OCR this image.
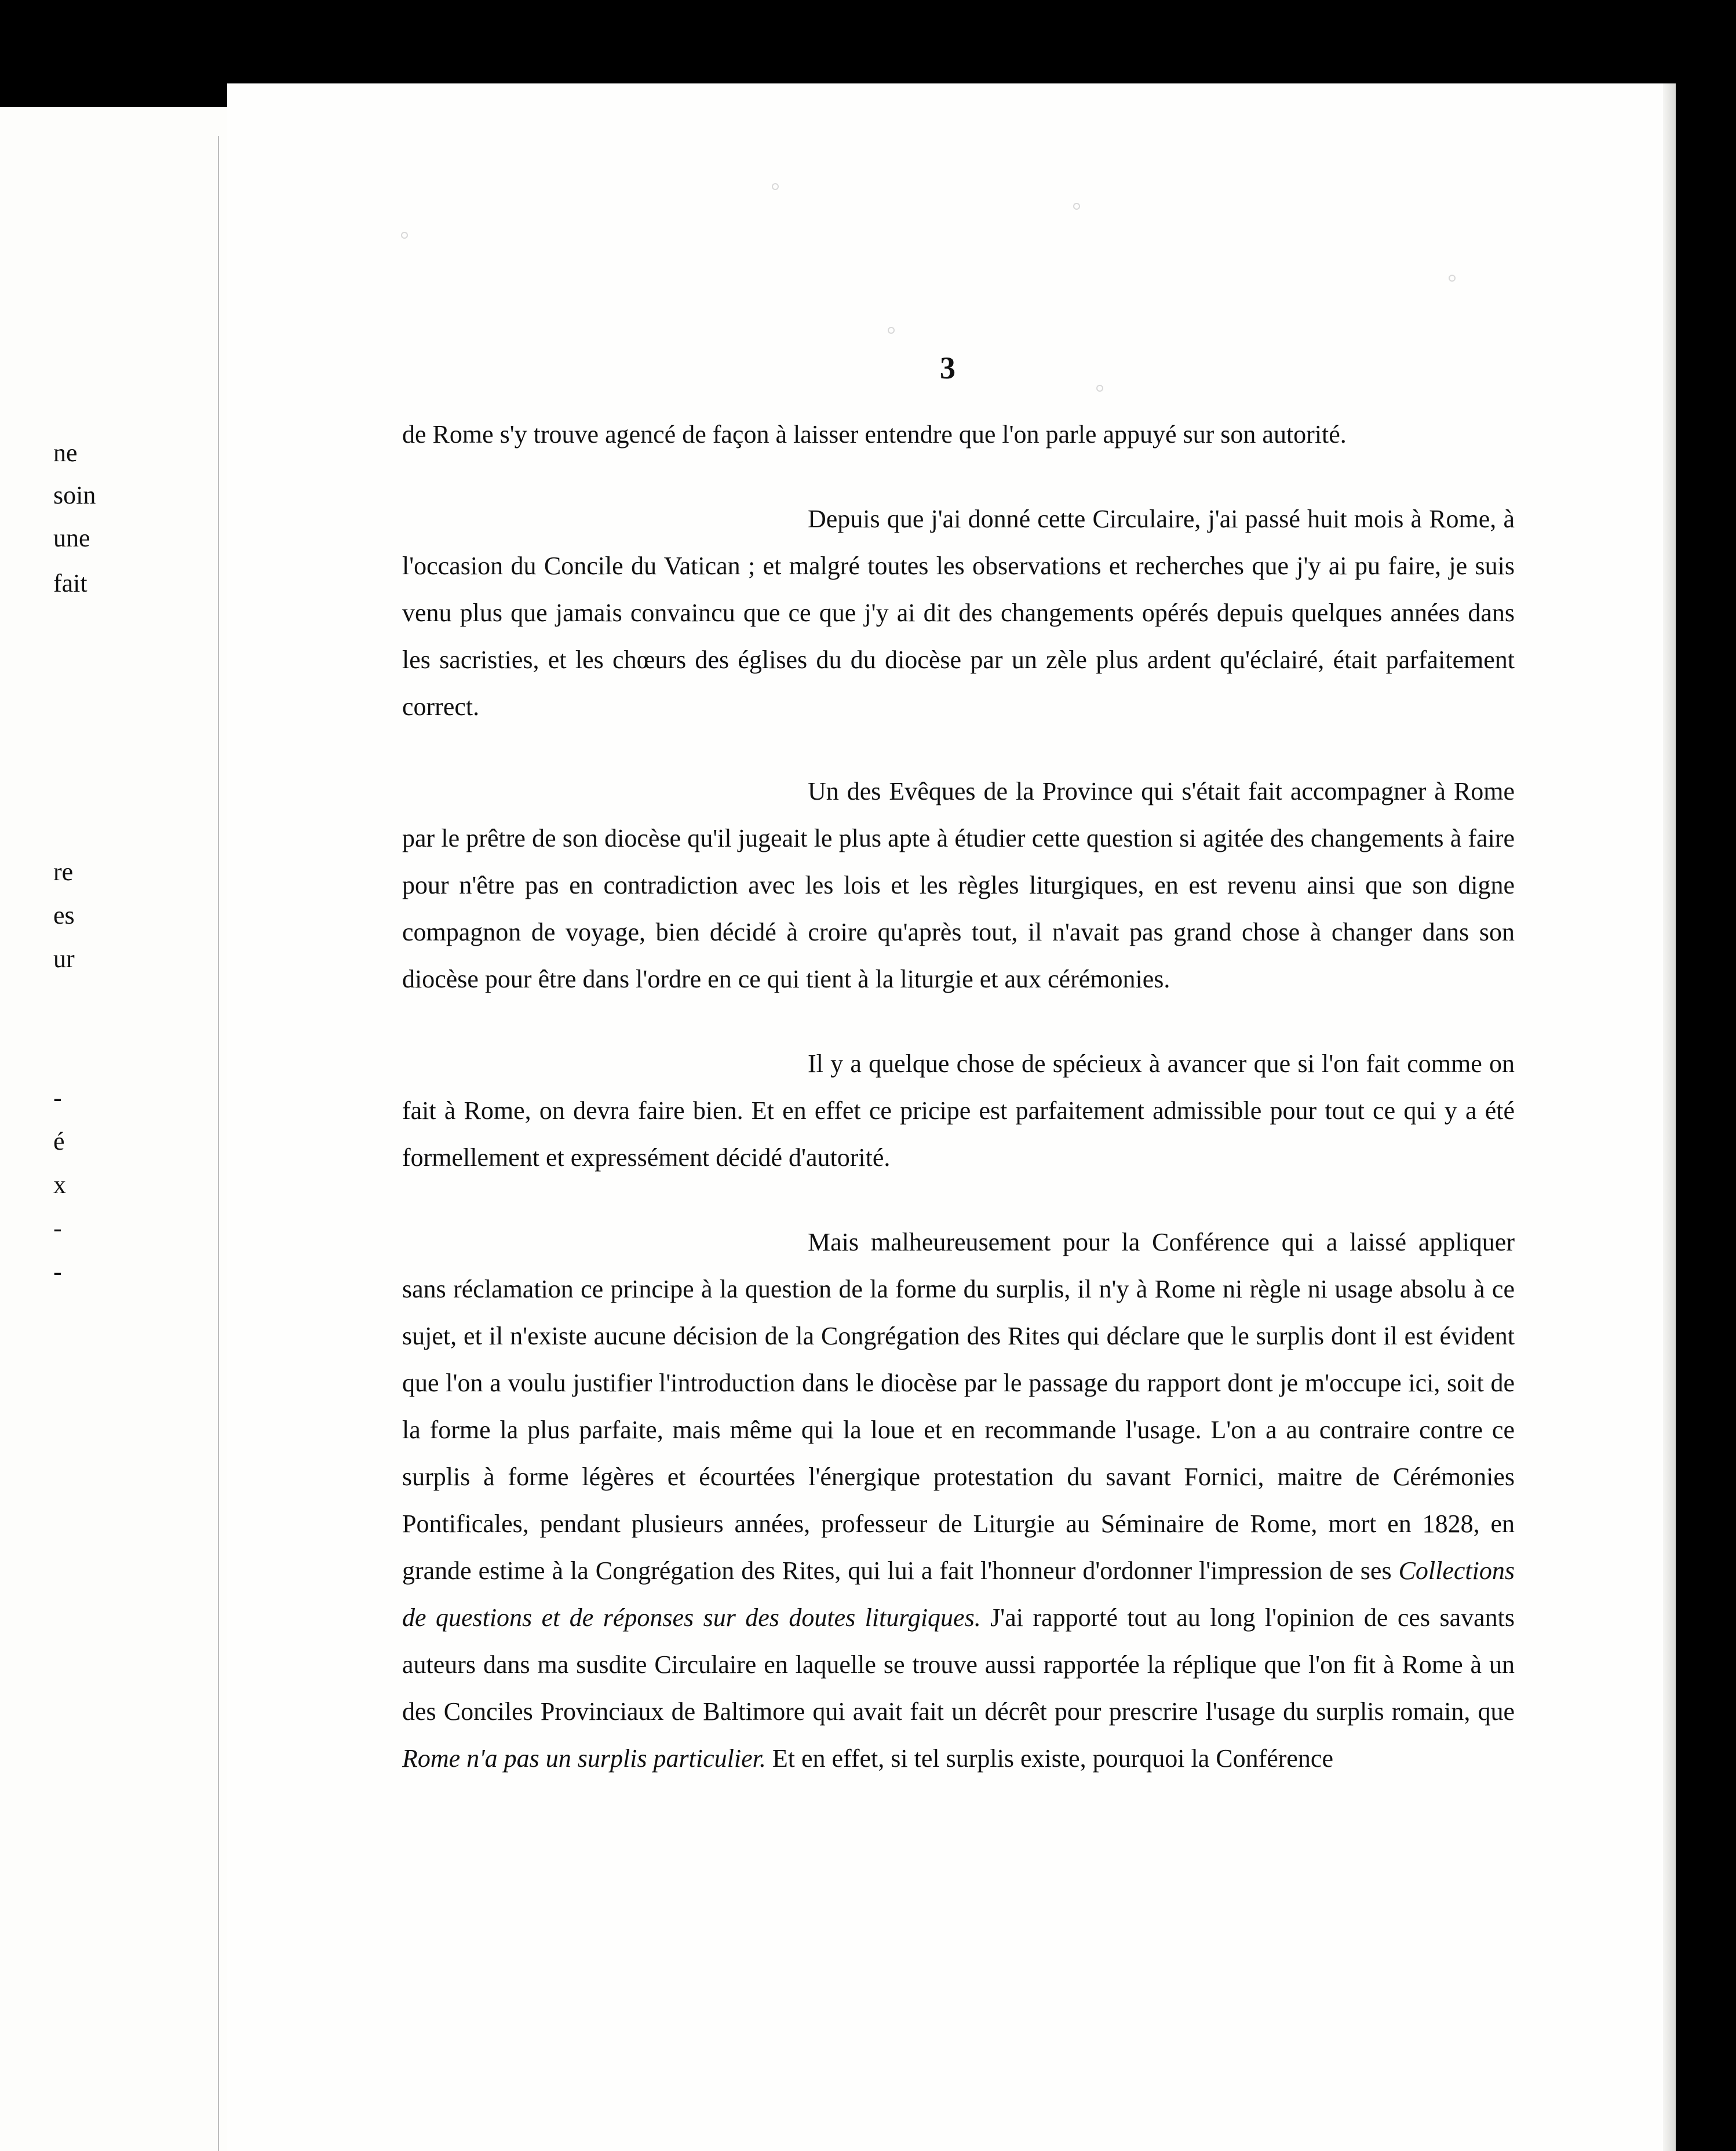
ne
soin
une
fait
re
es
ur
-
é
x
-
-
3

de Rome s'y trouve agencé de façon à laisser entendre que l'on parle appuyé sur son autorité.

Depuis que j'ai donné cette Circulaire, j'ai passé huit mois à Rome, à l'occasion du Concile du Vatican ; et malgré toutes les observations et recherches que j'y ai pu faire, je suis venu plus que jamais convaincu que ce que j'y ai dit des changements opérés depuis quelques années dans les sacristies, et les chœurs des églises du du diocèse par un zèle plus ardent qu'éclairé, était parfaitement correct.

Un des Evêques de la Province qui s'était fait accompagner à Rome par le prêtre de son diocèse qu'il jugeait le plus apte à étudier cette question si agitée des changements à faire pour n'être pas en contradiction avec les lois et les règles liturgiques, en est revenu ainsi que son digne compagnon de voyage, bien décidé à croire qu'après tout, il n'avait pas grand chose à changer dans son diocèse pour être dans l'ordre en ce qui tient à la liturgie et aux cérémonies.

Il y a quelque chose de spécieux à avancer que si l'on fait comme on fait à Rome, on devra faire bien. Et en effet ce pricipe est parfaitement admissible pour tout ce qui y a été formellement et expressément décidé d'autorité.

Mais malheureusement pour la Conférence qui a laissé appliquer sans réclamation ce principe à la question de la forme du surplis, il n'y à Rome ni règle ni usage absolu à ce sujet, et il n'existe aucune décision de la Congrégation des Rites qui déclare que le surplis dont il est évident que l'on a voulu justifier l'introduction dans le diocèse par le passage du rapport dont je m'occupe ici, soit de la forme la plus parfaite, mais même qui la loue et en recommande l'usage. L'on a au contraire contre ce surplis à forme légères et écourtées l'énergique protestation du savant Fornici, maitre de Cérémonies Pontificales, pendant plusieurs années, professeur de Liturgie au Séminaire de Rome, mort en 1828, en grande estime à la Congrégation des Rites, qui lui a fait l'honneur d'ordonner l'impression de ses Collections de questions et de réponses sur des doutes liturgiques. J'ai rapporté tout au long l'opinion de ces savants auteurs dans ma susdite Circulaire en laquelle se trouve aussi rapportée la réplique que l'on fit à Rome à un des Conciles Provinciaux de Baltimore qui avait fait un décrêt pour prescrire l'usage du surplis romain, que Rome n'a pas un surplis particulier. Et en effet, si tel surplis existe, pourquoi la Conférence
